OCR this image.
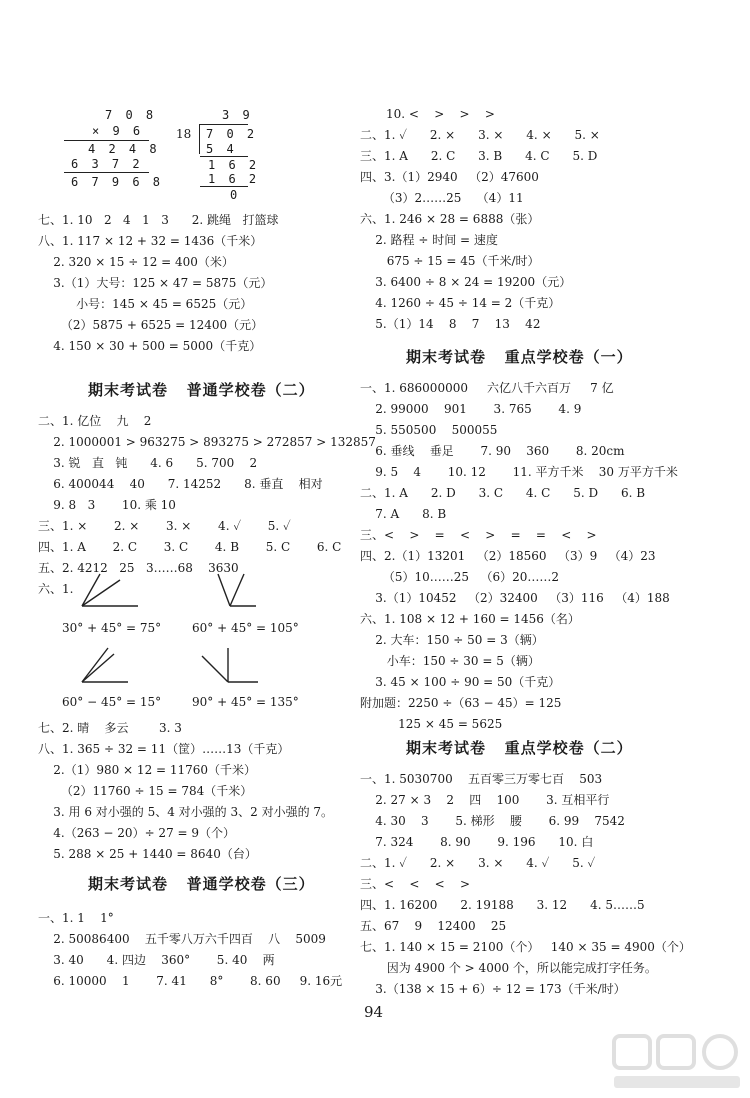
7 0 8
× 9 6
4 2 4 8
6 3 7 2
6 7 9 6 8
3 9
18 7 0 2
5 4
1 6 2
1 6 2
0
七、1. 10   2   4   1   3      2. 跳绳   打篮球
八、1. 117 × 12 + 32 = 1436（千米）
2. 320 × 15 ÷ 12 = 400（米）
3.（1）大号：125 × 47 = 5875（元）
小号：145 × 45 = 6525（元）
（2）5875 + 6525 = 12400（元）
4. 150 × 30 + 500 = 5000（千克）
期末考试卷   普通学校卷（二）
二、1. 亿位    九    2
2. 1000001 > 963275 > 893275 > 272857 > 132857
3. 锐   直   钝      4. 6      5. 700    2
6. 400044    40      7. 14252      8. 垂直    相对
9. 8   3       10. 乘 10
三、1. ×       2. ×       3. ×       4. ✓       5. ✓
四、1. A       2. C       3. C       4. B       5. C       6. C
五、2. 4212   25   3……68    3630
六、1.
30° + 45° = 75°	60° + 45° = 105°
60° − 45° = 15°	90° + 45° = 135°
七、2. 晴    多云        3. 3
八、1. 365 ÷ 32 = 11（筐）……13（千克）
2.（1）980 × 12 = 11760（千米）
（2）11760 ÷ 15 = 784（千米）
3. 用 6 对小强的 5、4 对小强的 3、2 对小强的 7。
4.（263 − 20）÷ 27 = 9（个）
5. 288 × 25 + 1440 = 8640（台）
期末考试卷   普通学校卷（三）
一、1. 1    1°
2. 50086400    五千零八万六千四百    八    5009
3. 40      4. 四边    360°       5. 40    两
6. 10000    1       7. 41      8°       8. 60     9. 16元
10. <    >    >    >
二、1. ✓      2. ×      3. ×      4. ×      5. ×
三、1. A      2. C      3. B      4. C      5. D
四、3.（1）2940   （2）47600
（3）2……25    （4）11
六、1. 246 × 28 = 6888（张）
2. 路程 ÷ 时间 = 速度
675 ÷ 15 = 45（千米/时）
3. 6400 ÷ 8 × 24 = 19200（元）
4. 1260 ÷ 45 ÷ 14 = 2（千克）
5.（1）14    8    7    13    42
期末考试卷   重点学校卷（一）
一、1. 686000000     六亿八千六百万     7 亿
2. 99000    901       3. 765       4. 9
5. 550500    500055
6. 垂线    垂足       7. 90    360       8. 20cm
9. 5    4       10. 12       11. 平方千米    30 万平方千米
二、1. A      2. D      3. C      4. C      5. D      6. B
7. A      8. B
三、<    >    =    <    >    =    =    <    >
四、2.（1）13201   （2）18560   （3）9   （4）23
（5）10……25   （6）20……2
3.（1）10452   （2）32400   （3）116   （4）188
六、1. 108 × 12 + 160 = 1456（名）
2. 大车：150 ÷ 50 = 3（辆）
小车：150 ÷ 30 = 5（辆）
3. 45 × 100 ÷ 90 = 50（千克）
附加题：2250 ÷（63 − 45）= 125
125 × 45 = 5625
期末考试卷   重点学校卷（二）
一、1. 5030700    五百零三万零七百    503
2. 27 × 3    2    四    100       3. 互相平行
4. 30    3       5. 梯形    腰       6. 99    7542
7. 324       8. 90       9. 196      10. 白
二、1. ✓      2. ×      3. ×      4. ✓      5. ✓
三、<    <    <    >
四、1. 16200      2. 19188      3. 12      4. 5……5
五、67    9    12400    25
七、1. 140 × 15 = 2100（个）   140 × 35 = 4900（个）
因为 4900 个 > 4000 个，所以能完成打字任务。
3.（138 × 15 + 6）÷ 12 = 173（千米/时）
94
